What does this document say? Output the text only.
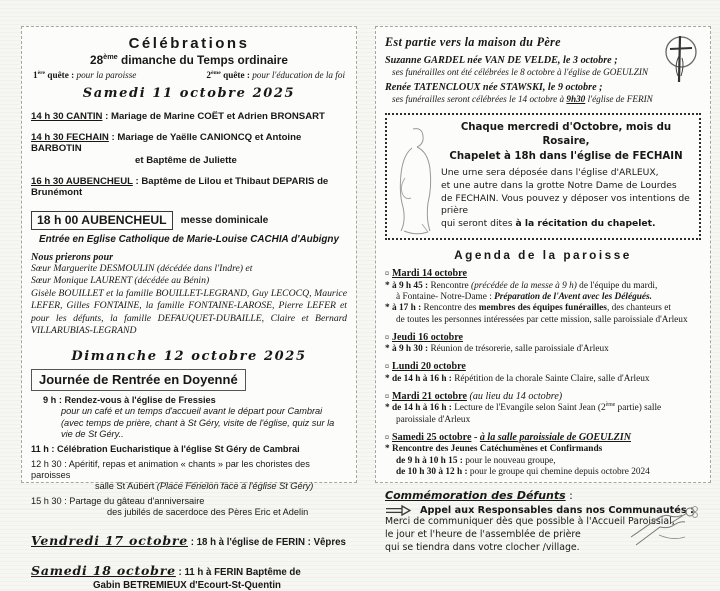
Célébrations
28ème dimanche du Temps ordinaire
1ère quête : pour la paroisse	2ème quête : pour l'éducation de la foi
Samedi 11 octobre 2025
14 h 30 CANTIN : Mariage de Marine COËT et Adrien BRONSART
14 h 30 FECHAIN : Mariage de Yaëlle CANIONCQ et Antoine BARBOTIN
et Baptême de Juliette
16 h 30 AUBENCHEUL : Baptême de Lilou et Thibaut DEPARIS de Brunémont
18 h 00 AUBENCHEUL	messe dominicale
Entrée en Eglise Catholique de Marie-Louise CACHIA d'Aubigny
Nous prierons pour
Sœur Marguerite DESMOULIN (décédée dans l'Indre) et
Sœur Monique LAURENT (décédée au Bénin)
Gisèle BOUILLET et la famille BOUILLET-LEGRAND, Guy LECOCQ, Maurice LEFER, Gilles FONTAINE, la famille FONTAINE-LAROSE, Pierre LEFER et pour les défunts, la famille DEFAUQUET-DUBAILLE, Claire et Bernard VILLARUBIAS-LEGRAND
Dimanche 12 octobre 2025
Journée de Rentrée en Doyenné
9 h : Rendez-vous à l'église de Fressies
pour un café et un temps d'accueil avant le départ pour Cambrai
(avec temps de prière, chant à St Géry, visite de l'église, quiz sur la vie de St Géry..
11 h : Célébration Eucharistique à l'église St Géry de Cambrai
12 h 30 : Apéritif, repas et animation « chants » par les choristes des paroisses
salle St Aubert (Place Fénelon face à l'église St Géry)
15 h 30 : Partage du gâteau d'anniversaire
des jubilés de sacerdoce des Pères Eric et Adelin
Vendredi 17 octobre : 18 h à l'église de FERIN : Vêpres
Samedi 18 octobre : 11 h à FERIN Baptême de
Gabin BETREMIEUX d'Ecourt-St-Quentin
Est partie vers la maison du Père
Suzanne GARDEL née VAN DE VELDE, le 3 octobre ;
ses funérailles ont été célébrées le 8 octobre à l'église de GOEULZIN
Renée TATENCLOUX née STAWSKI, le 9 octobre ;
ses funérailles seront célébrées le 14 octobre à 9h30 l'église de FERIN
Chaque mercredi d'Octobre, mois du Rosaire,
Chapelet à 18h dans l'église de FECHAIN
Une urne sera déposée dans l'église d'ARLEUX,
et une autre dans la grotte Notre Dame de Lourdes
de FECHAIN. Vous pouvez y déposer vos intentions de prière
qui seront dites à la récitation du chapelet.
Agenda de la paroisse
¤ Mardi 14 octobre
* à 9 h 45 : Rencontre (précédée de la messe à 9 h) de l'équipe du mardi,
à Fontaine- Notre-Dame : Préparation de l'Avent avec les Délégués.
* à 17 h : Rencontre des membres des équipes funérailles, des chanteurs et
de toutes les personnes intéressées par cette mission, salle paroissiale d'Arleux
¤ Jeudi 16 octobre
* à 9 h 30 : Réunion de trésorerie, salle paroissiale d'Arleux
¤ Lundi 20 octobre
* de 14 h à 16 h : Répétition de la chorale Sainte Claire, salle d'Arleux
¤ Mardi 21 octobre (au lieu du 14 octobre)
* de 14 h à 16 h : Lecture de l'Evangile selon Saint Jean (2ème partie) salle
paroissiale d'Arleux
¤ Samedi 25 octobre - à la salle paroissiale de GOEULZIN
* Rencontre des Jeunes Catéchumènes et Confirmands
de 9 h à 10 h 15 : pour le nouveau groupe,
de 10 h 30 à 12 h : pour le groupe qui chemine depuis octobre 2024
Commémoration des Défunts :
Appel aux Responsables dans nos Communautés :
Merci de communiquer dès que possible à l'Accueil Paroissial,
le jour et l'heure de l'assemblée de prière
qui se tiendra dans votre clocher /village.
